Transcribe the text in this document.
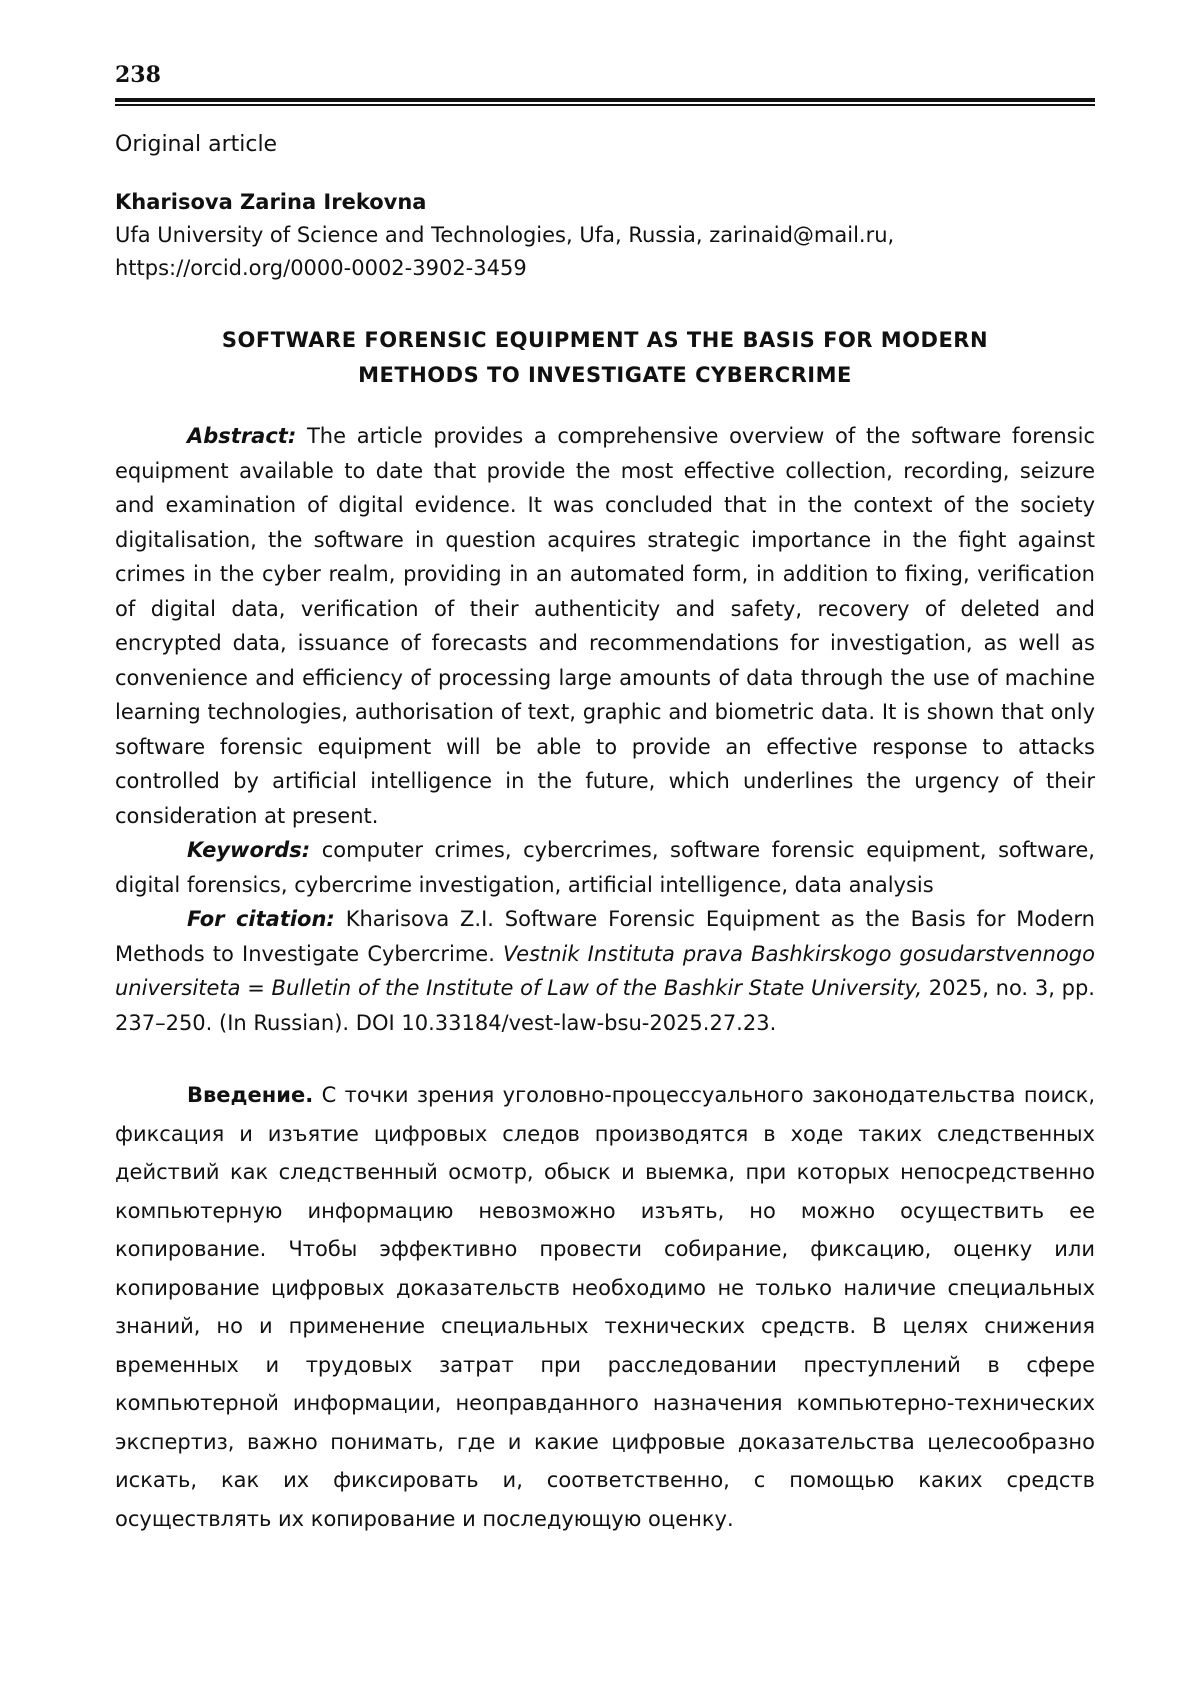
238
Original article
Kharisova Zarina Irekovna
Ufa University of Science and Technologies, Ufa, Russia, zarinaid@mail.ru,
https://orcid.org/0000-0002-3902-3459
SOFTWARE FORENSIC EQUIPMENT AS THE BASIS FOR MODERN
METHODS TO INVESTIGATE CYBERCRIME

Abstract: The article provides a comprehensive overview of the software forensic equipment available to date that provide the most effective collection, recording, seizure and examination of digital evidence. It was concluded that in the context of the society digitalisation, the software in question acquires strategic importance in the fight against crimes in the cyber realm, providing in an automated form, in addition to fixing, verification of digital data, verification of their authenticity and safety, recovery of deleted and encrypted data, issuance of forecasts and recommendations for investigation, as well as convenience and efficiency of processing large amounts of data through the use of machine learning technologies, authorisation of text, graphic and biometric data. It is shown that only software forensic equipment will be able to provide an effective response to attacks controlled by artificial intelligence in the future, which underlines the urgency of their consideration at present.

Keywords: computer crimes, cybercrimes, software forensic equipment, software, digital forensics, cybercrime investigation, artificial intelligence, data analysis

For citation: Kharisova Z.I. Software Forensic Equipment as the Basis for Modern Methods to Investigate Cybercrime. Vestnik Instituta prava Bashkirskogo gosudarstvennogo universiteta = Bulletin of the Institute of Law of the Bashkir State University, 2025, no. 3, pp. 237–250. (In Russian). DOI 10.33184/vest-law-bsu-2025.27.23.

Введение. С точки зрения уголовно-процессуального законодательства поиск, фиксация и изъятие цифровых следов производятся в ходе таких следственных действий как следственный осмотр, обыск и выемка, при которых непосредственно компьютерную информацию невозможно изъять, но можно осуществить ее копирование. Чтобы эффективно провести собирание, фиксацию, оценку или копирование цифровых доказательств необходимо не только наличие специальных знаний, но и применение специальных технических средств. В целях снижения временных и трудовых затрат при расследовании преступлений в сфере компьютерной информации, неоправданного назначения компьютерно-технических экспертиз, важно понимать, где и какие цифровые доказательства целесообразно искать, как их фиксировать и, соответственно, с помощью каких средств осуществлять их копирование и последующую оценку.
